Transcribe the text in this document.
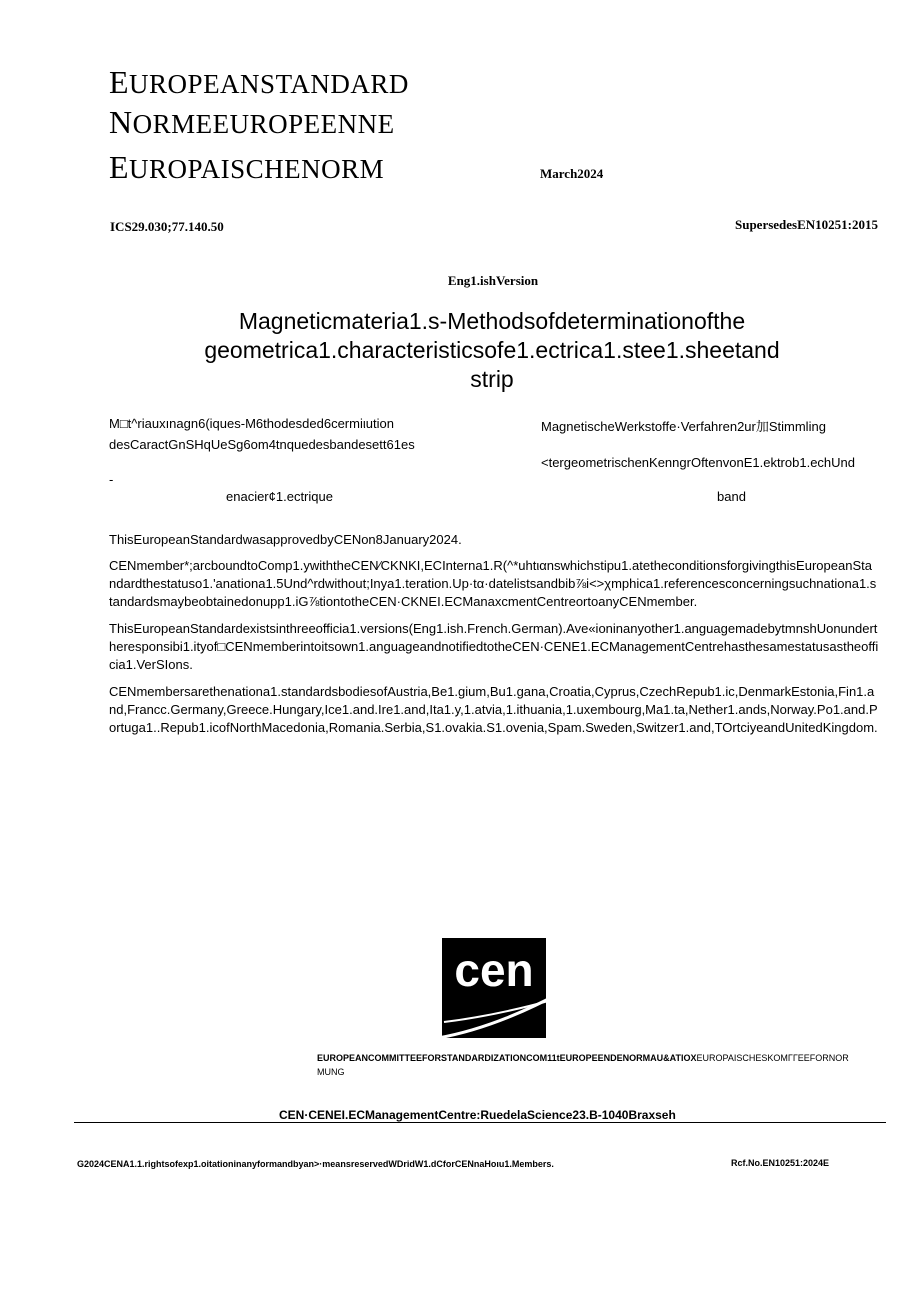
EUROPEANSTANDARD
NORMEEUROPEENNE
EUROPAISCHENORM	March2024
ICS29.030;77.140.50	SupersedesEN10251:2015
Eng1.ishVersion
Magneticmateria1.s-Methodsofdeterminationofthe
geometrica1.characteristicsofe1.ectrica1.stee1.sheetand
strip
M□t^riauxınagn6(iques-M6thodesded6cermiιution
desCaractGnSHqUeSg6om4tnquedesbandesett61es
-
enacier¢1.ectrique
MagnetischeWerkstoffe·Verfahren2ur加Stimmling
<tergeometrischenKenngrOftenvonE1.ektrob1.echUnd
band
ThisEuropeanStandardwasapprovedbyCENon8January2024.
CENmember*;arcboundtoComp1.ywiththeCEN⁄CKNKI,ECInterna1.R(^*uhtιαnswhichstipu1.atetheconditionsforgivingthisEuropeanStandardthestatuso1.'anationa1.5Und^rdwithout;Inya1.teration.Up·tα·datelistsandbib⅞i<>χmphica1.referencesconcerningsuchnationa1.standardsmaybeobtainedonupp1.iG⅞tiontotheCEN·CKNEI.ECManaxcmentCentreortoanyCENmember.
ThisEuropeanStandardexistsinthreeofficia1.versions(Eng1.ish.French.German).Ave«ioninanyother1.anguagemadebytmnshUonundertheresponsibi1.ityof□CENmemberintoitsown1.anguageandnotifiedtotheCEN·CENE1.ECManagementCentrehasthesamestatusastheofficia1.VerSIons.
CENmembersarethenationa1.standardsbodiesofAustria,Be1.gium,Bu1.gana,Croatia,Cyprus,CzechRepub1.ic,DenmarkEstonia,Fin1.and,Francc.Germany,Greece.Hungary,Ice1.and.Ire1.and,Ita1.y,1.atvia,1.ithuania,1.uxembourg,Ma1.ta,Nether1.ands,Norway.Po1.and.Portuga1..Repub1.icofNorthMacedonia,Romania.Serbia,S1.ovakia.S1.ovenia,Spam.Sweden,Switzer1.and,TOrtciyeandUnitedKingdom.
cen
EUROPEANCOMMITTEEFORSTANDARDIZATIONCOM11tEUROPEENDENORMAU&ATIOXEUROPAISCHESKOMΓΓEEFORNOR
MUNG
CEN·CENEI.ECManagementCentre:RuedelaScience23.B-1040Braxseh
G2024CENA1.1.rightsofexp1.oitationinanyformandbyan>·meansreservedWDridW1.dCforCENnaHoιu1.Members.	Rcf.No.EN10251:2024E
